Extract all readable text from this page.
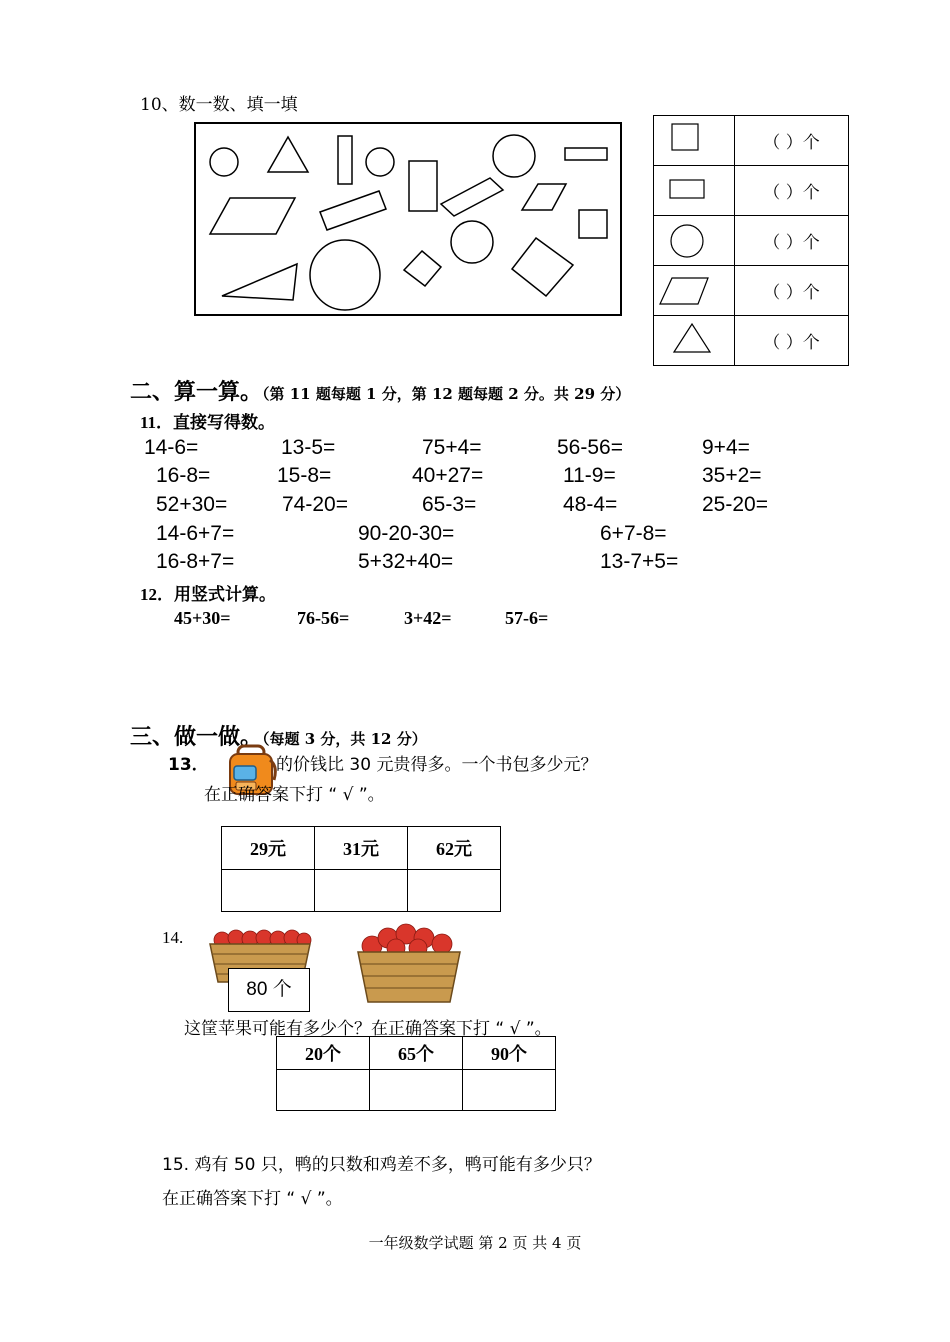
10、数一数、填一填
	（ ）个
	（ ）个
	（ ）个
	（ ）个
	（ ）个
二、算一算。（第 11 题每题 1 分，第 12 题每题 2 分。共 29 分）
11．直接写得数。
14-6=	13-5=	75+4=	56-56=	9+4=
16-8=	15-8=	40+27=	11-9=	35+2=
52+30=	74-20=	65-3=	48-4=	25-20=
14-6+7=	90-20-30=	6+7-8=
16-8+7=	5+32+40=	13-7+5=
12．用竖式计算。
45+30=	76-56=	3+42=	57-6=
三、做一做。（每题 3 分，共 12 分）
13．	的价钱比 30 元贵得多。一个书包多少元？
在正确答案下打 “ √ ”。
29元	31元	62元

14.
80 个
这筐苹果可能有多少个？在正确答案下打 “ √ ”。
20个	65个	90个

15. 鸡有 50 只，鸭的只数和鸡差不多，鸭可能有多少只？
在正确答案下打 “ √ ”。
一年级数学试题 第 2 页 共 4 页
